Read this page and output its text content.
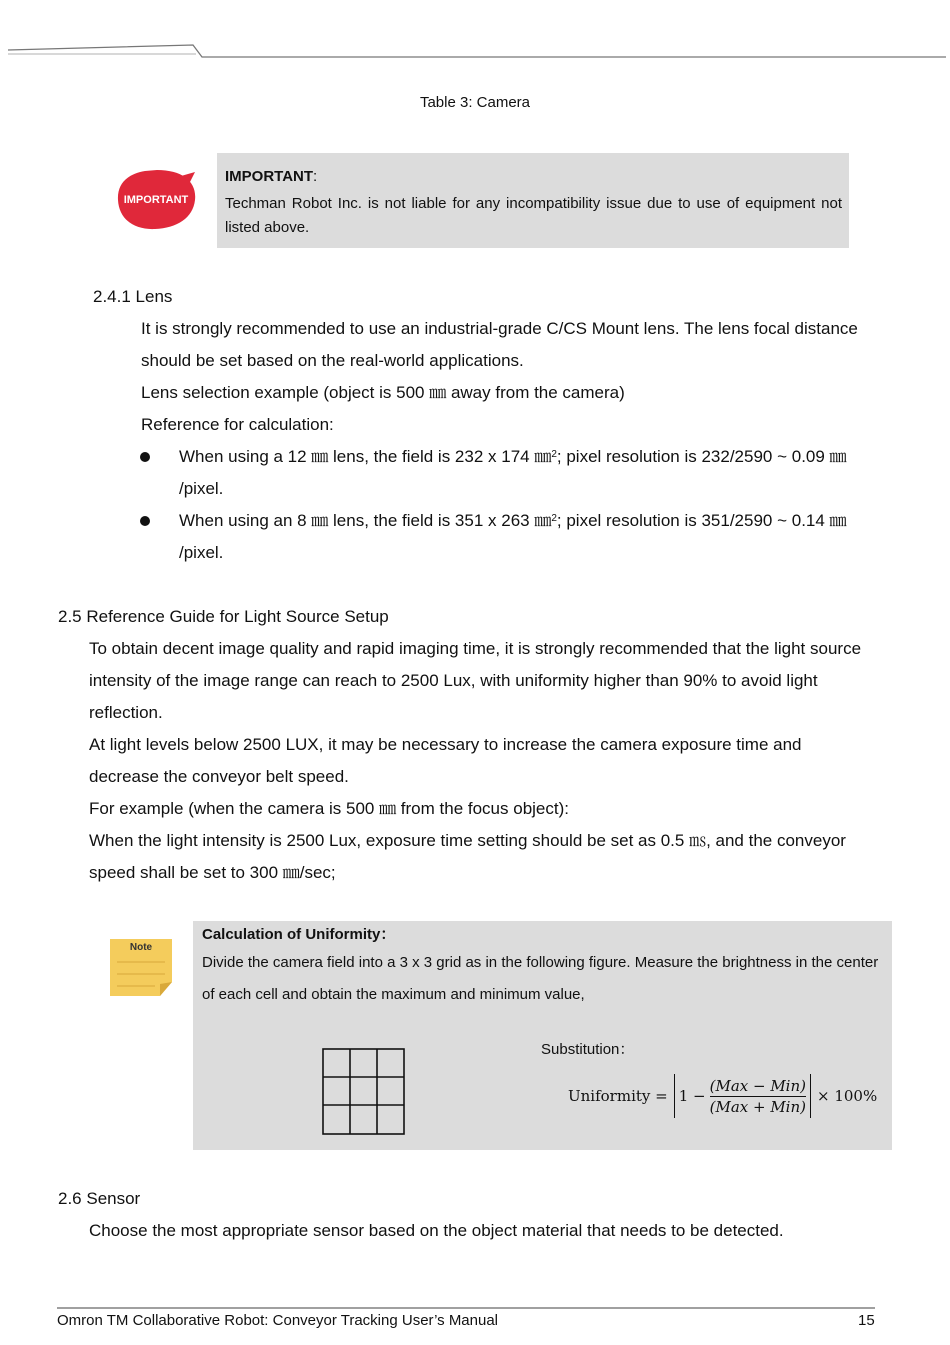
Table 3: Camera
IMPORTANT
IMPORTANT:
Techman Robot Inc. is not liable for any incompatibility issue due to use of equipment not listed above.
2.4.1 Lens
It is strongly recommended to use an industrial-grade C/CS Mount lens. The lens focal distance
should be set based on the real-world applications.
Lens selection example (object is 500 ㎜ away from the camera)
Reference for calculation:
When using a 12 ㎜ lens, the field is 232 x 174 ㎜$^2$; pixel resolution is 232/2590 ~ 0.09 ㎜
/pixel.
When using an 8 ㎜ lens, the field is 351 x 263 ㎜$^2$; pixel resolution is 351/2590 ~ 0.14 ㎜
/pixel.
2.5 Reference Guide for Light Source Setup
To obtain decent image quality and rapid imaging time, it is strongly recommended that the light source
intensity of the image range can reach to 2500 Lux, with uniformity higher than 90% to avoid light
reflection.
At light levels below 2500 LUX, it may be necessary to increase the camera exposure time and
decrease the conveyor belt speed.
For example (when the camera is 500 ㎜ from the focus object):
When the light intensity is 2500 Lux, exposure time setting should be set as 0.5 ㎳, and the conveyor
speed shall be set to 300 ㎜/sec;
Note
Calculation of Uniformity：
Divide the camera field into a 3 x 3 grid as in the following figure. Measure the brightness in the center of each cell and obtain the maximum and minimum value,
Substitution：
Uniformity = 1 −
(Max − Min)
(Max + Min)
× 100%
2.6 Sensor
Choose the most appropriate sensor based on the object material that needs to be detected.
Omron TM Collaborative Robot: Conveyor Tracking User’s Manual	15
